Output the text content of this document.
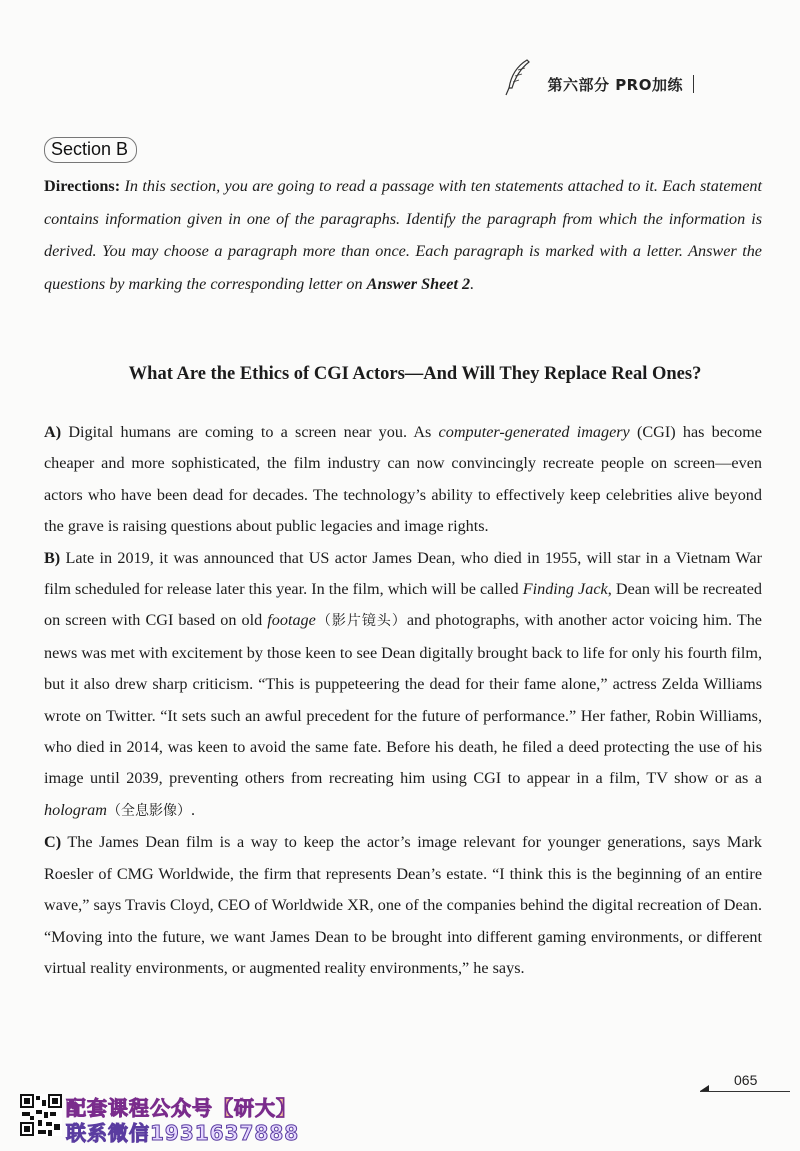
第六部分 PRO加练
Section B
Directions: In this section, you are going to read a passage with ten statements attached to it. Each statement contains information given in one of the paragraphs. Identify the paragraph from which the information is derived. You may choose a paragraph more than once. Each paragraph is marked with a letter. Answer the questions by marking the corresponding letter on Answer Sheet 2.
What Are the Ethics of CGI Actors—And Will They Replace Real Ones?

A) Digital humans are coming to a screen near you. As computer-generated imagery (CGI) has become cheaper and more sophisticated, the film industry can now convincingly recreate people on screen—even actors who have been dead for decades. The technology’s ability to effectively keep celebrities alive beyond the grave is raising questions about public legacies and image rights.

B) Late in 2019, it was announced that US actor James Dean, who died in 1955, will star in a Vietnam War film scheduled for release later this year. In the film, which will be called Finding Jack, Dean will be recreated on screen with CGI based on old footage（影片镜头）and photographs, with another actor voicing him. The news was met with excitement by those keen to see Dean digitally brought back to life for only his fourth film, but it also drew sharp criticism. “This is puppeteering the dead for their fame alone,” actress Zelda Williams wrote on Twitter. “It sets such an awful precedent for the future of performance.” Her father, Robin Williams, who died in 2014, was keen to avoid the same fate. Before his death, he filed a deed protecting the use of his image until 2039, preventing others from recreating him using CGI to appear in a film, TV show or as a hologram（全息影像）.

C) The James Dean film is a way to keep the actor’s image relevant for younger generations, says Mark Roesler of CMG Worldwide, the firm that represents Dean’s estate. “I think this is the beginning of an entire wave,” says Travis Cloyd, CEO of Worldwide XR, one of the companies behind the digital recreation of Dean. “Moving into the future, we want James Dean to be brought into different gaming environments, or different virtual reality environments, or augmented reality environments,” he says.

065
配套课程公众号【研大】
联系微信1931637888
